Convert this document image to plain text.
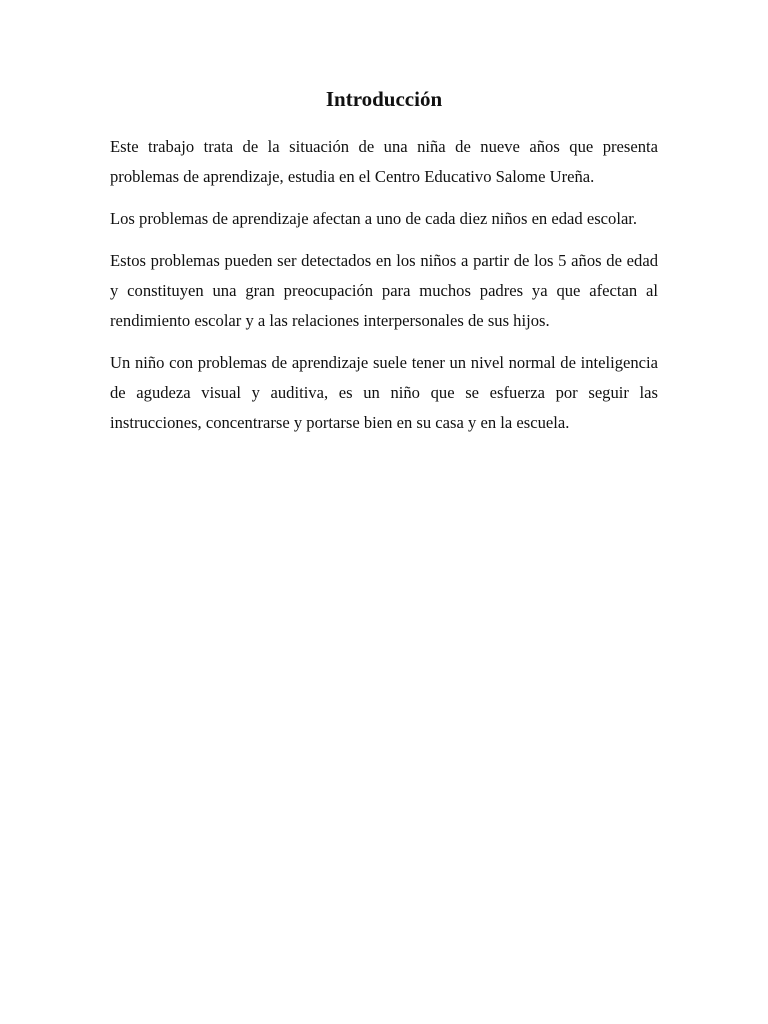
Introducción

Este trabajo trata de la situación de una niña de nueve años que presenta problemas de aprendizaje, estudia en el Centro Educativo Salome Ureña.

Los problemas de aprendizaje afectan a uno de cada diez niños en edad escolar.

Estos problemas pueden ser detectados en los niños a partir de los 5 años de edad y constituyen una gran preocupación para muchos padres ya que afectan al rendimiento escolar y a las relaciones interpersonales de sus hijos.

Un niño con problemas de aprendizaje suele tener un nivel normal de inteligencia de agudeza visual y auditiva, es un niño que se esfuerza por seguir las instrucciones, concentrarse y portarse bien en su casa y en la escuela.
